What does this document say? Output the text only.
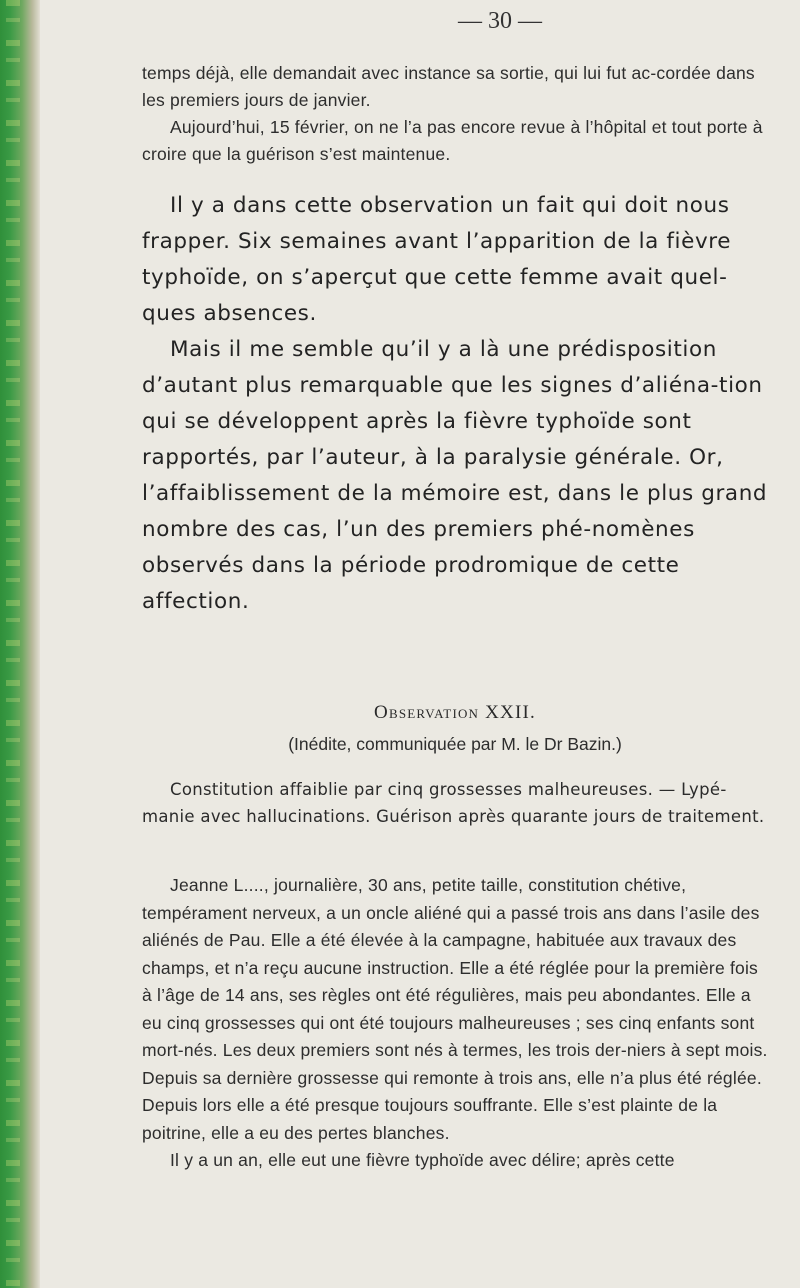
— 30 —

temps déjà, elle demandait avec instance sa sortie, qui lui fut ac-cordée dans les premiers jours de janvier.

Aujourd’hui, 15 février, on ne l’a pas encore revue à l’hôpital et tout porte à croire que la guérison s’est maintenue.

Il y a dans cette observation un fait qui doit nous frapper. Six semaines avant l’apparition de la fièvre typhoïde, on s’aperçut que cette femme avait quel-ques absences.

Mais il me semble qu’il y a là une prédisposition d’autant plus remarquable que les signes d’aliéna-tion qui se développent après la fièvre typhoïde sont rapportés, par l’auteur, à la paralysie générale. Or, l’affaiblissement de la mémoire est, dans le plus grand nombre des cas, l’un des premiers phé-nomènes observés dans la période prodromique de cette affection.

Observation XXII.

(Inédite, communiquée par M. le Dr Bazin.)

Constitution affaiblie par cinq grossesses malheureuses. — Lypé-manie avec hallucinations. Guérison après quarante jours de traitement.

Jeanne L...., journalière, 30 ans, petite taille, constitution chétive, tempérament nerveux, a un oncle aliéné qui a passé trois ans dans l’asile des aliénés de Pau. Elle a été élevée à la campagne, habituée aux travaux des champs, et n’a reçu aucune instruction. Elle a été réglée pour la première fois à l’âge de 14 ans, ses règles ont été régulières, mais peu abondantes. Elle a eu cinq grossesses qui ont été toujours malheureuses ; ses cinq enfants sont mort-nés. Les deux premiers sont nés à termes, les trois der-niers à sept mois. Depuis sa dernière grossesse qui remonte à trois ans, elle n’a plus été réglée. Depuis lors elle a été presque toujours souffrante. Elle s’est plainte de la poitrine, elle a eu des pertes blanches.

Il y a un an, elle eut une fièvre typhoïde avec délire; après cette
